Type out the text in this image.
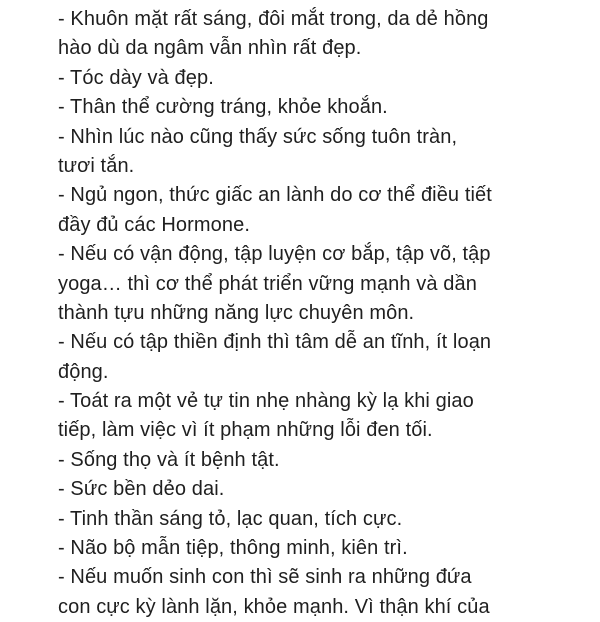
- Khuôn mặt rất sáng, đôi mắt trong, da dẻ hồng
hào dù da ngâm vẫn nhìn rất đẹp.
- Tóc dày và đẹp.
- Thân thể cường tráng, khỏe khoắn.
- Nhìn lúc nào cũng thấy sức sống tuôn tràn,
tươi tắn.
- Ngủ ngon, thức giấc an lành do cơ thể điều tiết
đầy đủ các Hormone.
- Nếu có vận động, tập luyện cơ bắp, tập võ, tập
yoga… thì cơ thể phát triển vững mạnh và dần
thành tựu những năng lực chuyên môn.
- Nếu có tập thiền định thì tâm dễ an tĩnh, ít loạn
động.
- Toát ra một vẻ tự tin nhẹ nhàng kỳ lạ khi giao
tiếp, làm việc vì ít phạm những lỗi đen tối.
- Sống thọ và ít bệnh tật.
- Sức bền dẻo dai.
- Tinh thần sáng tỏ, lạc quan, tích cực.
- Não bộ mẫn tiệp, thông minh, kiên trì.
- Nếu muốn sinh con thì sẽ sinh ra những đứa
con cực kỳ lành lặn, khỏe mạnh. Vì thận khí của
